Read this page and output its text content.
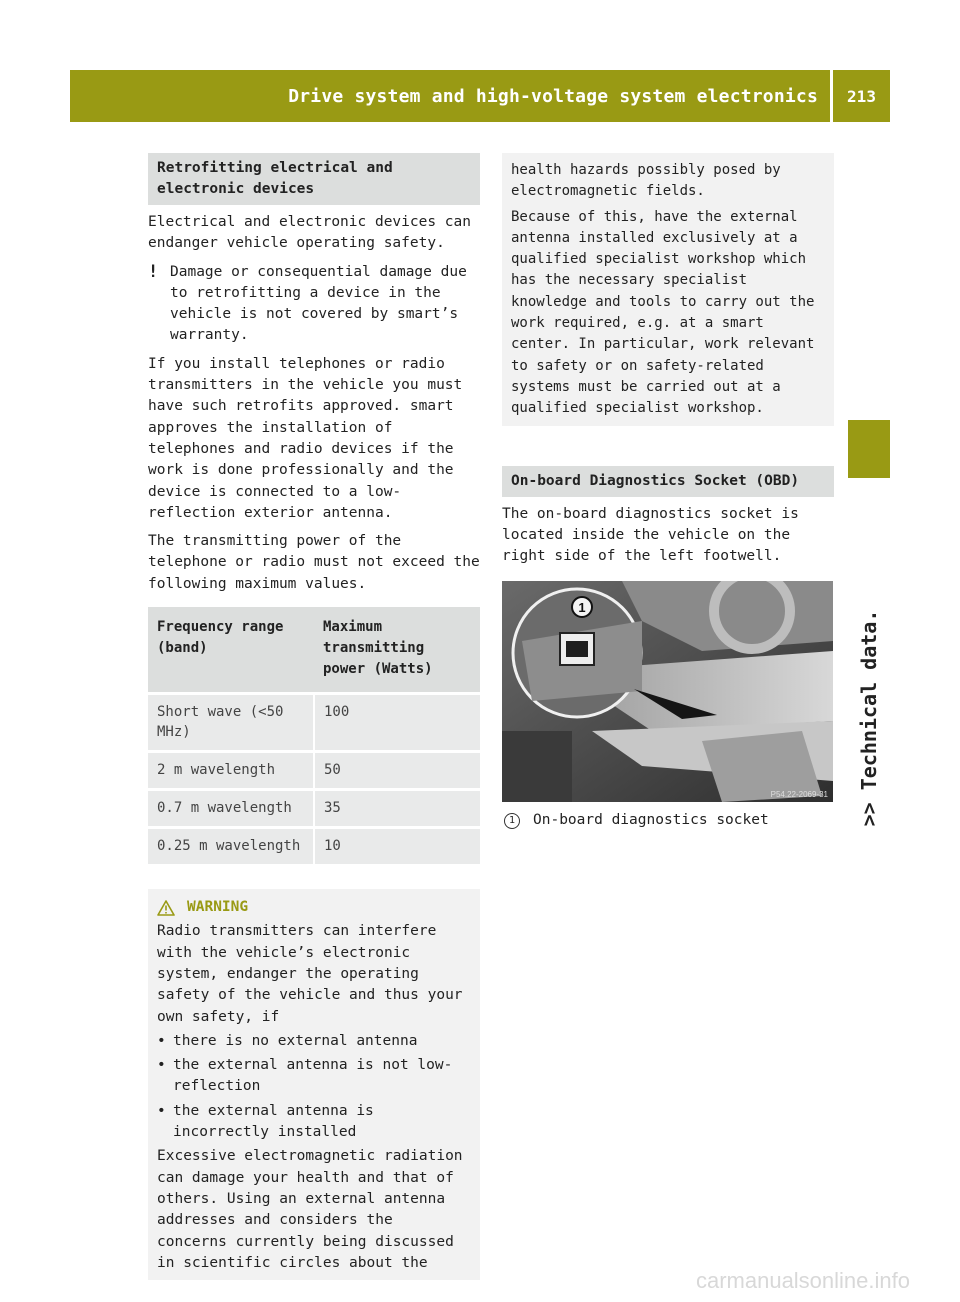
Drive system and high-voltage system electronics 213
>> Technical data.
Retrofitting electrical and electronic devices

Electrical and electronic devices can endanger vehicle operating safety.

! Damage or consequential damage due to retrofitting a device in the vehicle is not covered by smart’s warranty.

If you install telephones or radio transmitters in the vehicle you must have such retrofits approved. smart approves the installation of telephones and radio devices if the work is done professionally and the device is connected to a low-reflection exterior antenna.

The transmitting power of the telephone or radio must not exceed the following maximum values.

Frequency range (band)	Maximum transmitting power (Watts)
Short wave (<50 MHz)	100
2 m wavelength	50
0.7 m wavelength	35
0.25 m wavelength	10
WARNING

Radio transmitters can interfere with the vehicle’s electronic system, endanger the operating safety of the vehicle and thus your own safety, if

• there is no external antenna
• the external antenna is not low-reflection
• the external antenna is incorrectly installed

Excessive electromagnetic radiation can damage your health and that of others. Using an external antenna addresses and considers the concerns currently being discussed in scientific circles about the

health hazards possibly posed by electromagnetic fields.

Because of this, have the external antenna installed exclusively at a qualified specialist workshop which has the necessary specialist knowledge and tools to carry out the work required, e.g. at a smart center. In particular, work relevant to safety or on safety-related systems must be carried out at a qualified specialist workshop.

On-board Diagnostics Socket (OBD)

The on-board diagnostics socket is located inside the vehicle on the right side of the left footwell.

1
P54.22-2069-31
1	On-board diagnostics socket
carmanualsonline.info
